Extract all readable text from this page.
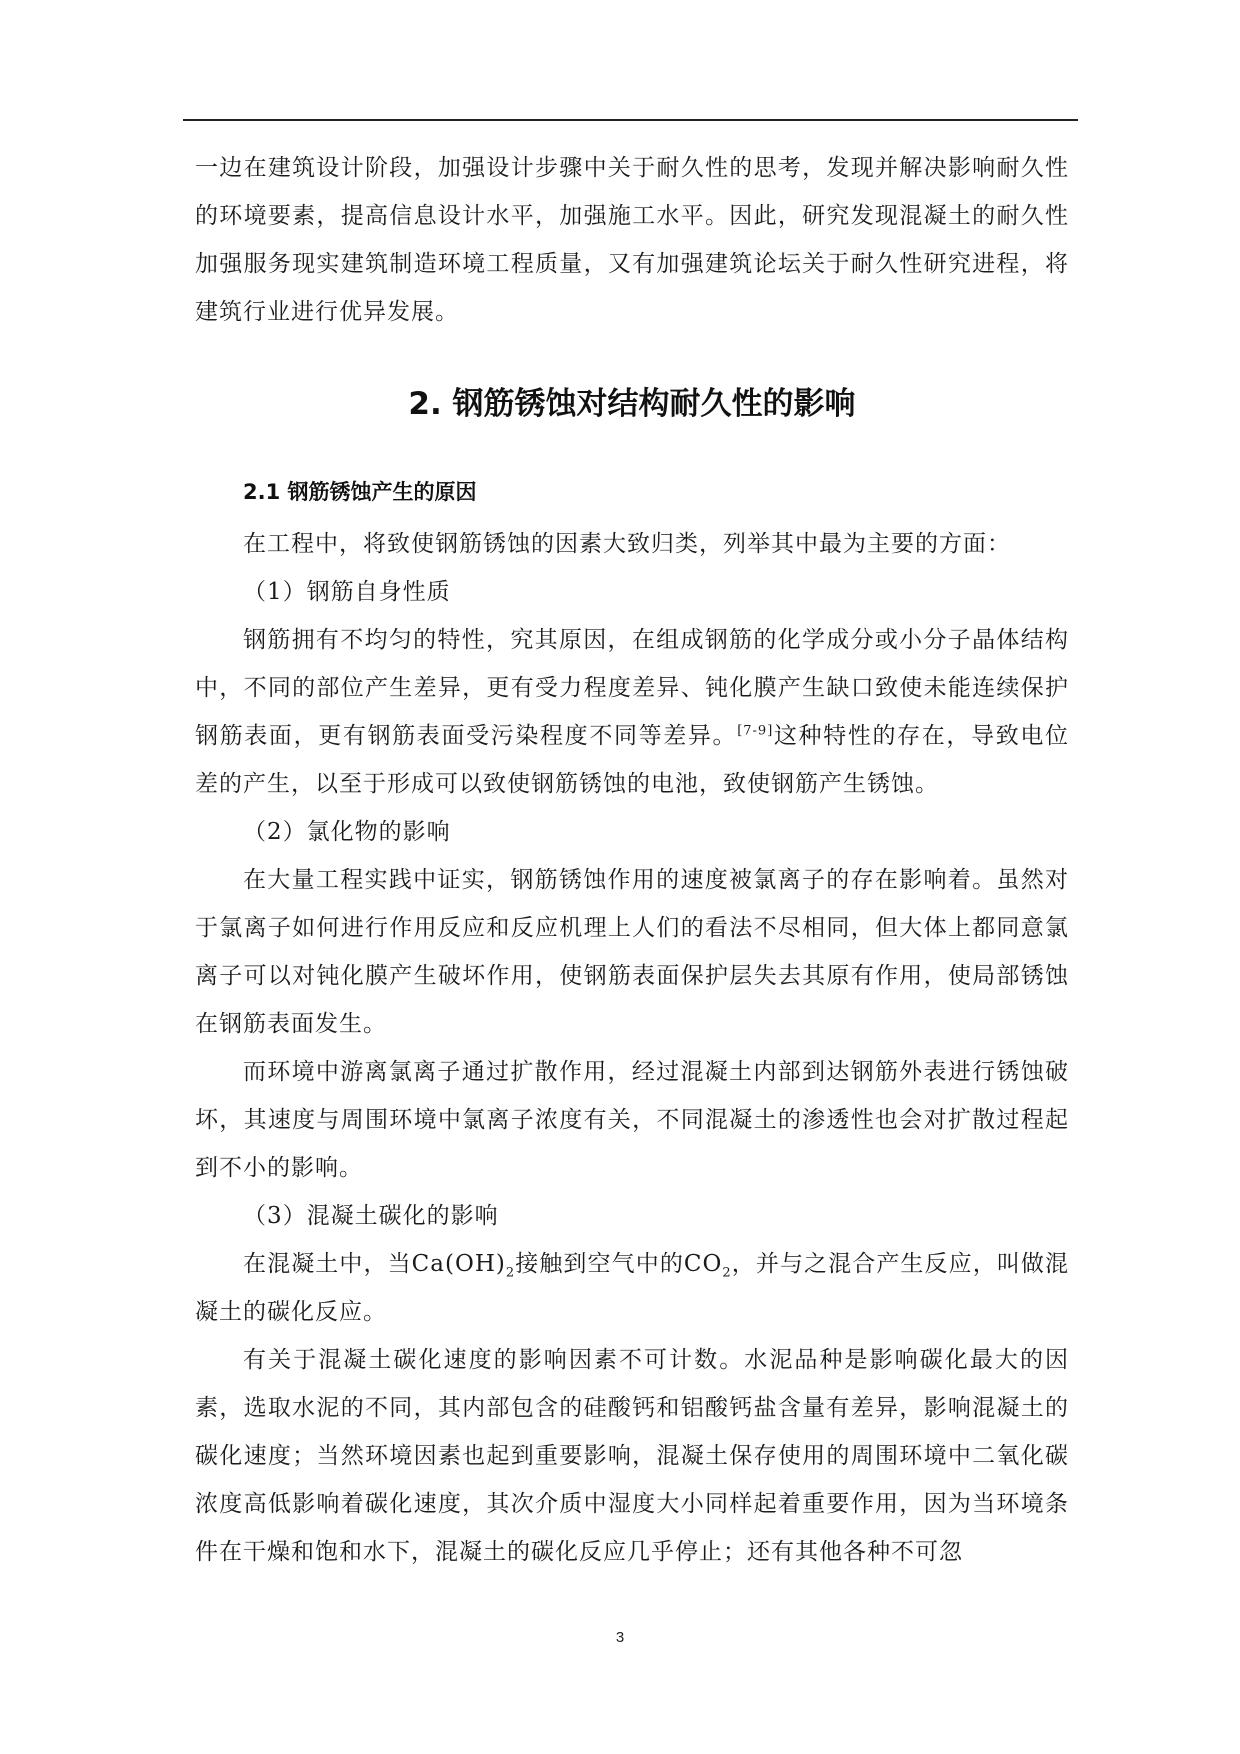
一边在建筑设计阶段，加强设计步骤中关于耐久性的思考，发现并解决影响耐久性的环境要素，提高信息设计水平，加强施工水平。因此，研究发现混凝土的耐久性加强服务现实建筑制造环境工程质量，又有加强建筑论坛关于耐久性研究进程，将建筑行业进行优异发展。

2. 钢筋锈蚀对结构耐久性的影响
2.1 钢筋锈蚀产生的原因

在工程中，将致使钢筋锈蚀的因素大致归类，列举其中最为主要的方面：

（1）钢筋自身性质

钢筋拥有不均匀的特性，究其原因，在组成钢筋的化学成分或小分子晶体结构中，不同的部位产生差异，更有受力程度差异、钝化膜产生缺口致使未能连续保护钢筋表面，更有钢筋表面受污染程度不同等差异。[7-9]这种特性的存在，导致电位差的产生，以至于形成可以致使钢筋锈蚀的电池，致使钢筋产生锈蚀。

（2）氯化物的影响

在大量工程实践中证实，钢筋锈蚀作用的速度被氯离子的存在影响着。虽然对于氯离子如何进行作用反应和反应机理上人们的看法不尽相同，但大体上都同意氯离子可以对钝化膜产生破坏作用，使钢筋表面保护层失去其原有作用，使局部锈蚀在钢筋表面发生。

而环境中游离氯离子通过扩散作用，经过混凝土内部到达钢筋外表进行锈蚀破坏，其速度与周围环境中氯离子浓度有关，不同混凝土的渗透性也会对扩散过程起到不小的影响。

（3）混凝土碳化的影响

在混凝土中，当$Ca(OH)_2$接触到空气中的$CO_2$，并与之混合产生反应，叫做混凝土的碳化反应。

有关于混凝土碳化速度的影响因素不可计数。水泥品种是影响碳化最大的因素，选取水泥的不同，其内部包含的硅酸钙和铝酸钙盐含量有差异，影响混凝土的碳化速度；当然环境因素也起到重要影响，混凝土保存使用的周围环境中二氧化碳浓度高低影响着碳化速度，其次介质中湿度大小同样起着重要作用，因为当环境条件在干燥和饱和水下，混凝土的碳化反应几乎停止；还有其他各种不可忽

3
